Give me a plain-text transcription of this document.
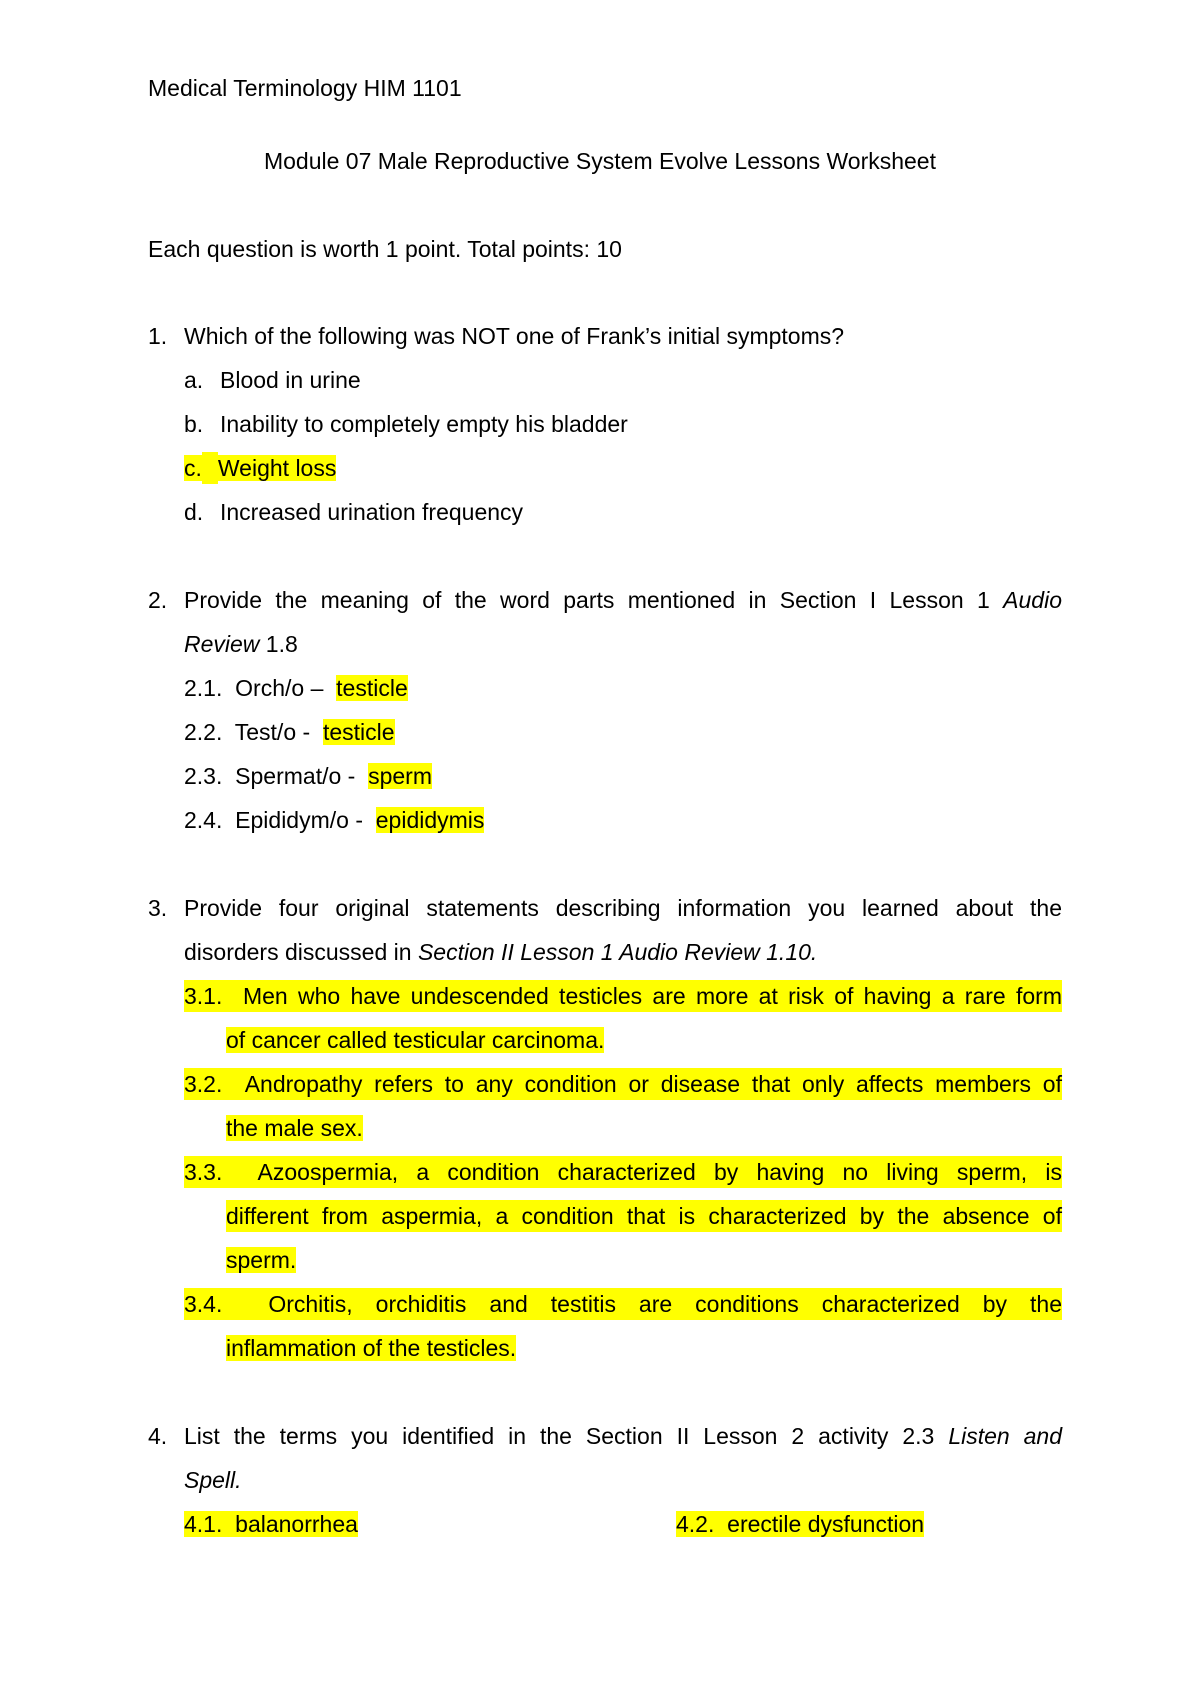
Medical Terminology HIM 1101
Module 07 Male Reproductive System Evolve Lessons Worksheet
Each question is worth 1 point. Total points: 10
1. Which of the following was NOT one of Frank’s initial symptoms?
a. Blood in urine
b. Inability to completely empty his bladder
c. Weight loss
d. Increased urination frequency
2. Provide the meaning of the word parts mentioned in Section I Lesson 1 Audio
Review 1.8
2.1. Orch/o – testicle
2.2. Test/o - testicle
2.3. Spermat/o - sperm
2.4. Epididym/o - epididymis
3. Provide four original statements describing information you learned about the
disorders discussed in Section II Lesson 1 Audio Review 1.10.
3.1. Men who have undescended testicles are more at risk of having a rare form
of cancer called testicular carcinoma.
3.2. Andropathy refers to any condition or disease that only affects members of
the male sex.
3.3. Azoospermia, a condition characterized by having no living sperm, is
different from aspermia, a condition that is characterized by the absence of
sperm.
3.4. Orchitis, orchiditis and testitis are conditions characterized by the
inflammation of the testicles.
4. List the terms you identified in the Section II Lesson 2 activity 2.3 Listen and
Spell.
4.1. balanorrhea	4.2. erectile dysfunction
